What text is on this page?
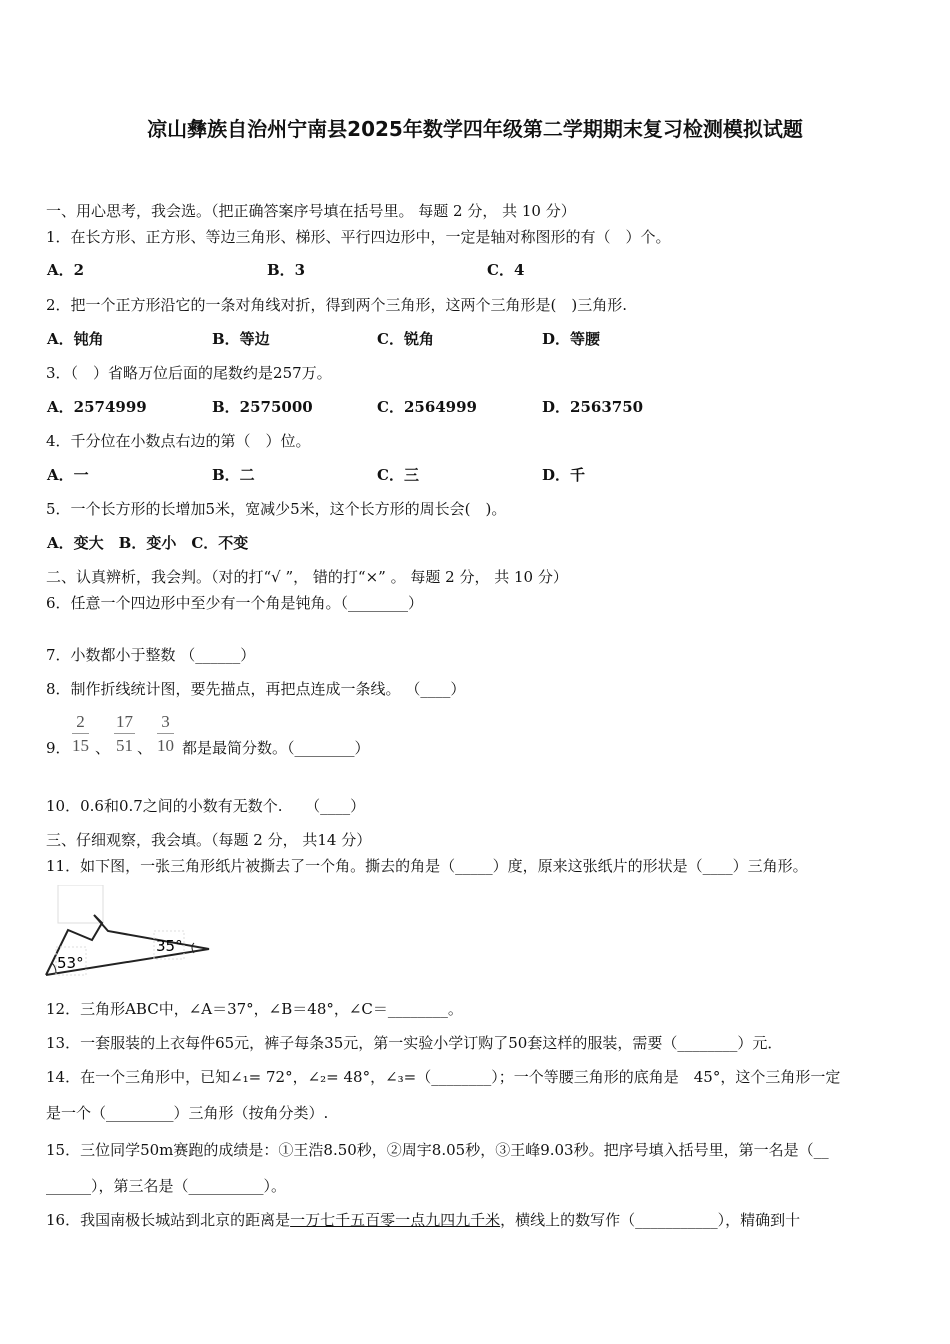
凉山彝族自治州宁南县2025年数学四年级第二学期期末复习检测模拟试题
一、用心思考，我会选。（把正确答案序号填在括号里。 每题 2 分， 共 10 分）
1．在长方形、正方形、等边三角形、梯形、平行四边形中，一定是轴对称图形的有（　）个。
A．2	B．3	C．4
2．把一个正方形沿它的一条对角线对折，得到两个三角形，这两个三角形是(　)三角形.
A．钝角	B．等边	C．锐角	D．等腰
3．（　）省略万位后面的尾数约是257万。
A．2574999	B．2575000	C．2564999	D．2563750
4．千分位在小数点右边的第（　）位。
A．一	B．二	C．三	D．千
5．一个长方形的长增加5米，宽减少5米，这个长方形的周长会(　)。
A．变大　B．变小　C．不变
二、认真辨析，我会判。（对的打“√ ”， 错的打“×” 。 每题 2 分， 共 10 分）
6．任意一个四边形中至少有一个角是钝角。（________）
7．小数都小于整数 （______）
8．制作折线统计图，要先描点，再把点连成一条线。 （____）
9． $\frac{2}{15}$ 、 $\frac{17}{51}$ 、 $\frac{3}{10}$ 都是最简分数。（________）
10．0.6和0.7之间的小数有无数个.　　（____）
三、仔细观察，我会填。（每题 2 分， 共14 分）
11．如下图，一张三角形纸片被撕去了一个角。撕去的角是（_____）度，原来这张纸片的形状是（____）三角形。
53°
35°
12．三角形ABC中，∠A＝37°，∠B＝48°，∠C＝________。
13．一套服装的上衣每件65元，裤子每条35元，第一实验小学订购了50套这样的服装，需要（________）元．
14．在一个三角形中，已知∠₁= 72°，∠₂= 48°，∠₃=（________）；一个等腰三角形的底角是　45°，这个三角形一定
是一个（_________）三角形（按角分类）.
15．三位同学50m赛跑的成绩是：①王浩8.50秒，②周宇8.05秒，③王峰9.03秒。把序号填入括号里，第一名是（__
______），第三名是（__________）。
16．我国南极长城站到北京的距离是一万七千五百零一点九四九千米，横线上的数写作（___________），精确到十
